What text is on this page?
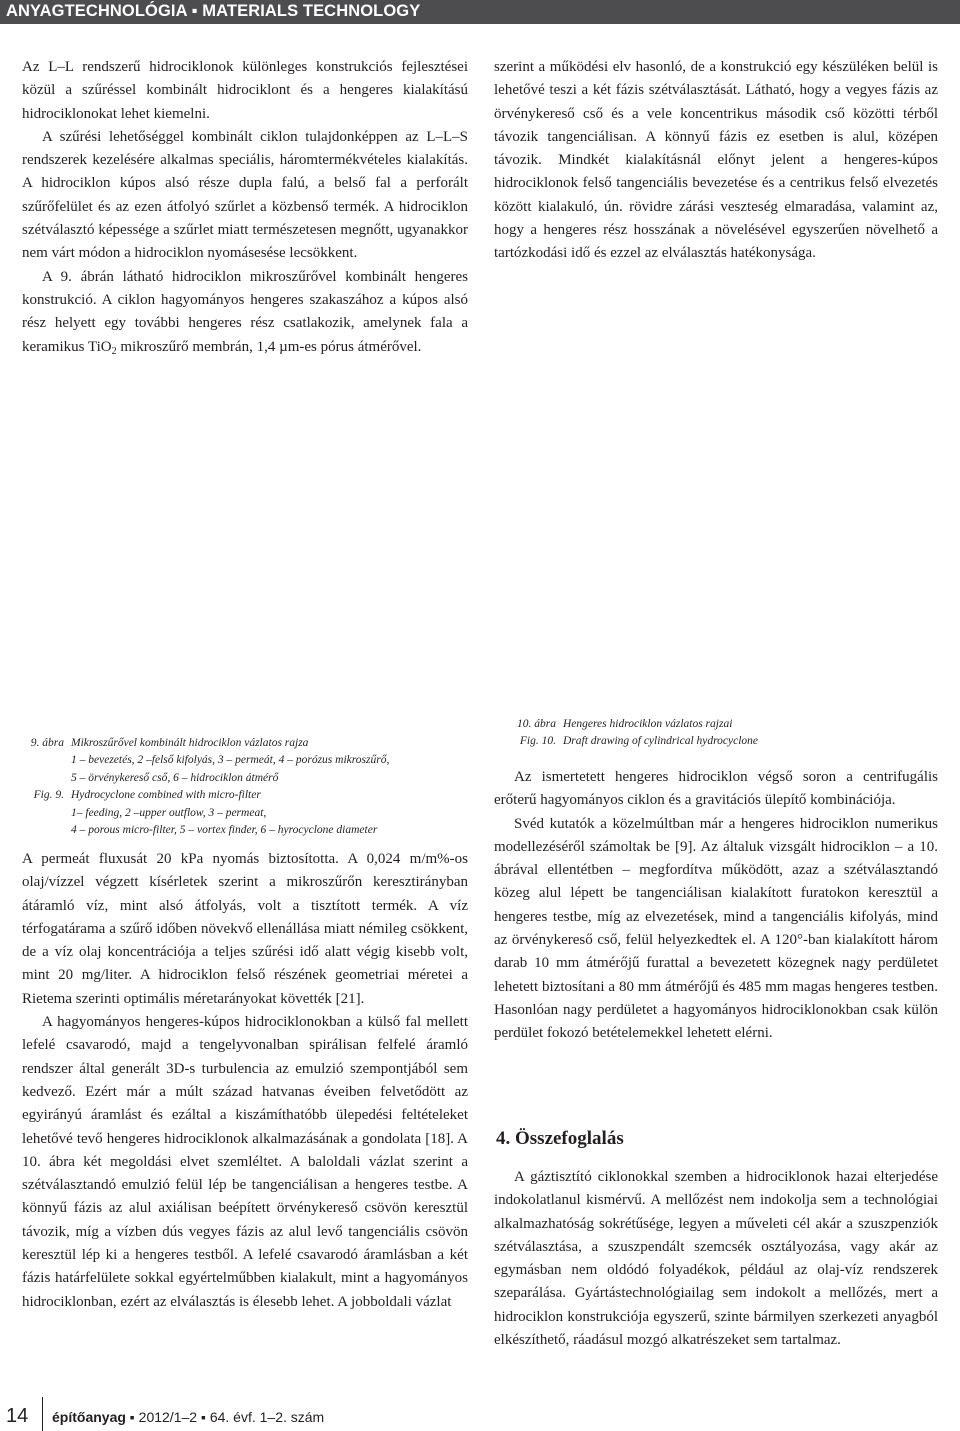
ANYAGTECHNOLÓGIA ▪ MATERIALS TECHNOLOGY

Az L–L rendszerű hidrociklonok különleges konstrukciós fejlesztései közül a szűréssel kombinált hidrociklont és a hengeres kialakítású hidrociklonokat lehet kiemelni.

A szűrési lehetőséggel kombinált ciklon tulajdonképpen az L–L–S rendszerek kezelésére alkalmas speciális, háromtermékvételes kialakítás. A hidrociklon kúpos alsó része dupla falú, a belső fal a perforált szűrőfelület és az ezen átfolyó szűrlet a közbenső termék. A hidrociklon szétválasztó képessége a szűrlet miatt természetesen megnőtt, ugyanakkor nem várt módon a hidrociklon nyomásesése lecsökkent.

A 9. ábrán látható hidrociklon mikroszűrővel kombinált hengeres konstrukció. A ciklon hagyományos hengeres szakaszához a kúpos alsó rész helyett egy további hengeres rész csatlakozik, amelynek fala a keramikus TiO$_2$ mikroszűrő membrán, 1,4 µm-es pórus átmérővel.

szerint a működési elv hasonló, de a konstrukció egy készüléken belül is lehetővé teszi a két fázis szétválasztását. Látható, hogy a vegyes fázis az örvénykereső cső és a vele koncentrikus második cső közötti térből távozik tangenciálisan. A könnyű fázis ez esetben is alul, középen távozik. Mindkét kialakításnál előnyt jelent a hengeres-kúpos hidrociklonok felső tangenciális bevezetése és a centrikus felső elvezetés között kialakuló, ún. rövidre zárási veszteség elmaradása, valamint az, hogy a hengeres rész hosszának a növelésével egyszerűen növelhető a tartózkodási idő és ezzel az elválasztás hatékonysága.

9. ábra Mikroszűrővel kombinált hidrociklon vázlatos rajza
1 – bevezetés, 2 –felső kifolyás, 3 – permeát, 4 – porózus mikroszűrő,
5 – örvénykereső cső, 6 – hidrociklon átmérő
Fig. 9. Hydrocyclone combined with micro-filter
1– feeding, 2 –upper outflow, 3 – permeat,
4 – porous micro-filter, 5 – vortex finder, 6 – hyrocyclone diameter
10. ábra Hengeres hidrociklon vázlatos rajzai
Fig. 10. Draft drawing of cylindrical hydrocyclone

A permeát fluxusát 20 kPa nyomás biztosította. A 0,024 m/m%-os olaj/vízzel végzett kísérletek szerint a mikroszűrőn keresztirányban átáramló víz, mint alsó átfolyás, volt a tisztított termék. A víz térfogatárama a szűrő időben növekvő ellenállása miatt némileg csökkent, de a víz olaj koncentrációja a teljes szűrési idő alatt végig kisebb volt, mint 20 mg/liter. A hidrociklon felső részének geometriai méretei a Rietema szerinti optimális méretarányokat követték [21].

A hagyományos hengeres-kúpos hidrociklonokban a külső fal mellett lefelé csavarodó, majd a tengelyvonalban spirálisan felfelé áramló rendszer által generált 3D-s turbulencia az emulzió szempontjából sem kedvező. Ezért már a múlt század hatvanas éveiben felvetődött az egyirányú áramlást és ezáltal a kiszámíthatóbb ülepedési feltételeket lehetővé tevő hengeres hidrociklonok alkalmazásának a gondolata [18]. A 10. ábra két megoldási elvet szemléltet. A baloldali vázlat szerint a szétválasztandó emulzió felül lép be tangenciálisan a hengeres testbe. A könnyű fázis az alul axiálisan beépített örvénykereső csövön keresztül távozik, míg a vízben dús vegyes fázis az alul levő tangenciális csövön keresztül lép ki a hengeres testből. A lefelé csavarodó áramlásban a két fázis határfelülete sokkal egyértelműbben kialakult, mint a hagyományos hidrociklonban, ezért az elválasztás is élesebb lehet. A jobboldali vázlat

Az ismertetett hengeres hidrociklon végső soron a centrifugális erőterű hagyományos ciklon és a gravitációs ülepítő kombinációja.

Svéd kutatók a közelmúltban már a hengeres hidrociklon numerikus modellezéséről számoltak be [9]. Az általuk vizsgált hidrociklon – a 10. ábrával ellentétben – megfordítva működött, azaz a szétválasztandó közeg alul lépett be tangenciálisan kialakított furatokon keresztül a hengeres testbe, míg az elvezetések, mind a tangenciális kifolyás, mind az örvénykereső cső, felül helyezkedtek el. A 120°-ban kialakított három darab 10 mm átmérőjű furattal a bevezetett közegnek nagy perdületet lehetett biztosítani a 80 mm átmérőjű és 485 mm magas hengeres testben. Hasonlóan nagy perdületet a hagyományos hidrociklonokban csak külön perdület fokozó betételemekkel lehetett elérni.

4. Összefoglalás

A gáztisztító ciklonokkal szemben a hidrociklonok hazai elterjedése indokolatlanul kismérvű. A mellőzést nem indokolja sem a technológiai alkalmazhatóság sokrétűsége, legyen a műveleti cél akár a szuszpenziók szétválasztása, a szuszpendált szemcsék osztályozása, vagy akár az egymásban nem oldódó folyadékok, például az olaj-víz rendszerek szeparálása. Gyártástechnológiailag sem indokolt a mellőzés, mert a hidrociklon konstrukciója egyszerű, szinte bármilyen szerkezeti anyagból elkészíthető, ráadásul mozgó alkatrészeket sem tartalmaz.

14 építőanyag ▪ 2012/1–2 ▪ 64. évf. 1–2. szám
